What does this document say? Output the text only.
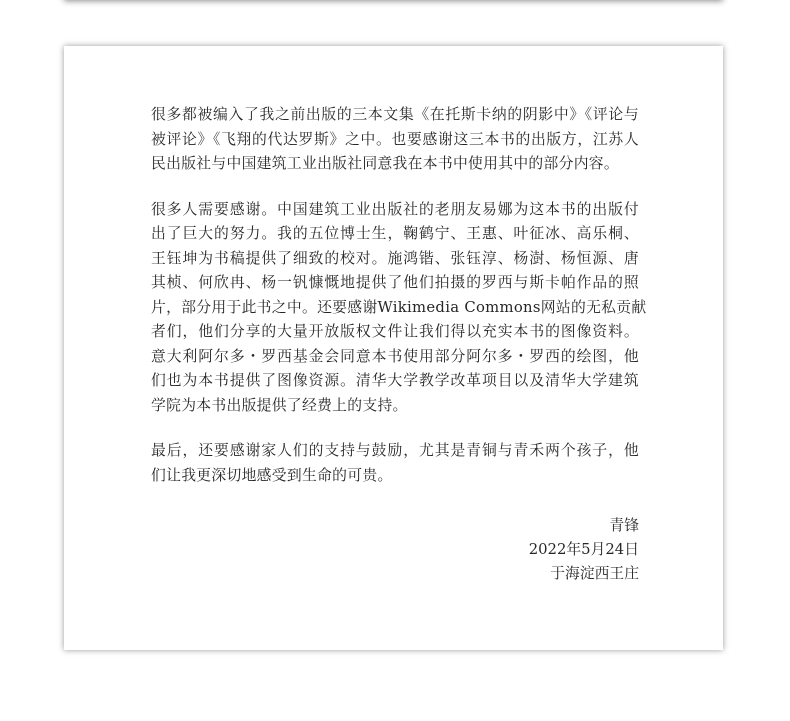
很多都被编入了我之前出版的三本文集《在托斯卡纳的阴影中》《评论与
被评论》《飞翔的代达罗斯》之中。也要感谢这三本书的出版方，江苏人
民出版社与中国建筑工业出版社同意我在本书中使用其中的部分内容。

很多人需要感谢。中国建筑工业出版社的老朋友易娜为这本书的出版付
出了巨大的努力。我的五位博士生，鞠鹤宁、王惠、叶征冰、高乐桐、
王钰坤为书稿提供了细致的校对。施鸿锴、张钰淳、杨澍、杨恒源、唐
其桢、何欣冉、杨一钒慷慨地提供了他们拍摄的罗西与斯卡帕作品的照
片，部分用于此书之中。还要感谢Wikimedia Commons网站的无私贡献
者们，他们分享的大量开放版权文件让我们得以充实本书的图像资料。
意大利阿尔多・罗西基金会同意本书使用部分阿尔多・罗西的绘图，他
们也为本书提供了图像资源。清华大学教学改革项目以及清华大学建筑
学院为本书出版提供了经费上的支持。

最后，还要感谢家人们的支持与鼓励，尤其是青铜与青禾两个孩子，他
们让我更深切地感受到生命的可贵。

青锋
2022年5月24日
于海淀西王庄
